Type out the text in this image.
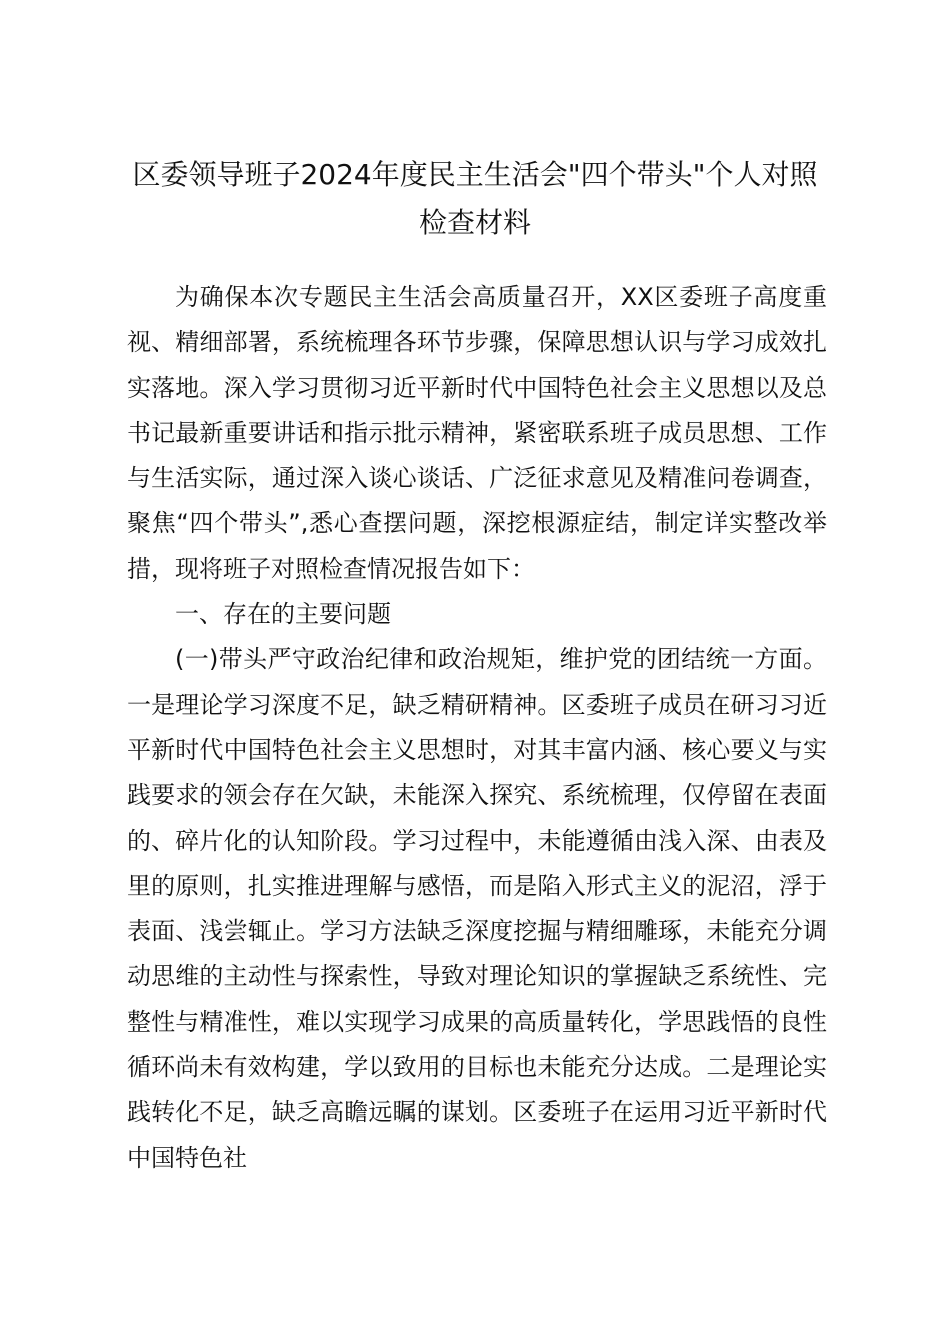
区委领导班子2024年度民主生活会"四个带头"个人对照检查材料

为确保本次专题民主生活会高质量召开，XX区委班子高度重视、精细部署，系统梳理各环节步骤，保障思想认识与学习成效扎实落地。深入学习贯彻习近平新时代中国特色社会主义思想以及总书记最新重要讲话和指示批示精神，紧密联系班子成员思想、工作与生活实际，通过深入谈心谈话、广泛征求意见及精准问卷调查，聚焦“四个带头”,悉心查摆问题，深挖根源症结，制定详实整改举措，现将班子对照检查情况报告如下：

一、存在的主要问题

(一)带头严守政治纪律和政治规矩，维护党的团结统一方面。一是理论学习深度不足，缺乏精研精神。区委班子成员在研习习近平新时代中国特色社会主义思想时，对其丰富内涵、核心要义与实践要求的领会存在欠缺，未能深入探究、系统梳理，仅停留在表面的、碎片化的认知阶段。学习过程中，未能遵循由浅入深、由表及里的原则，扎实推进理解与感悟，而是陷入形式主义的泥沼，浮于表面、浅尝辄止。学习方法缺乏深度挖掘与精细雕琢，未能充分调动思维的主动性与探索性，导致对理论知识的掌握缺乏系统性、完整性与精准性，难以实现学习成果的高质量转化，学思践悟的良性循环尚未有效构建，学以致用的目标也未能充分达成。二是理论实践转化不足，缺乏高瞻远瞩的谋划。区委班子在运用习近平新时代中国特色社
